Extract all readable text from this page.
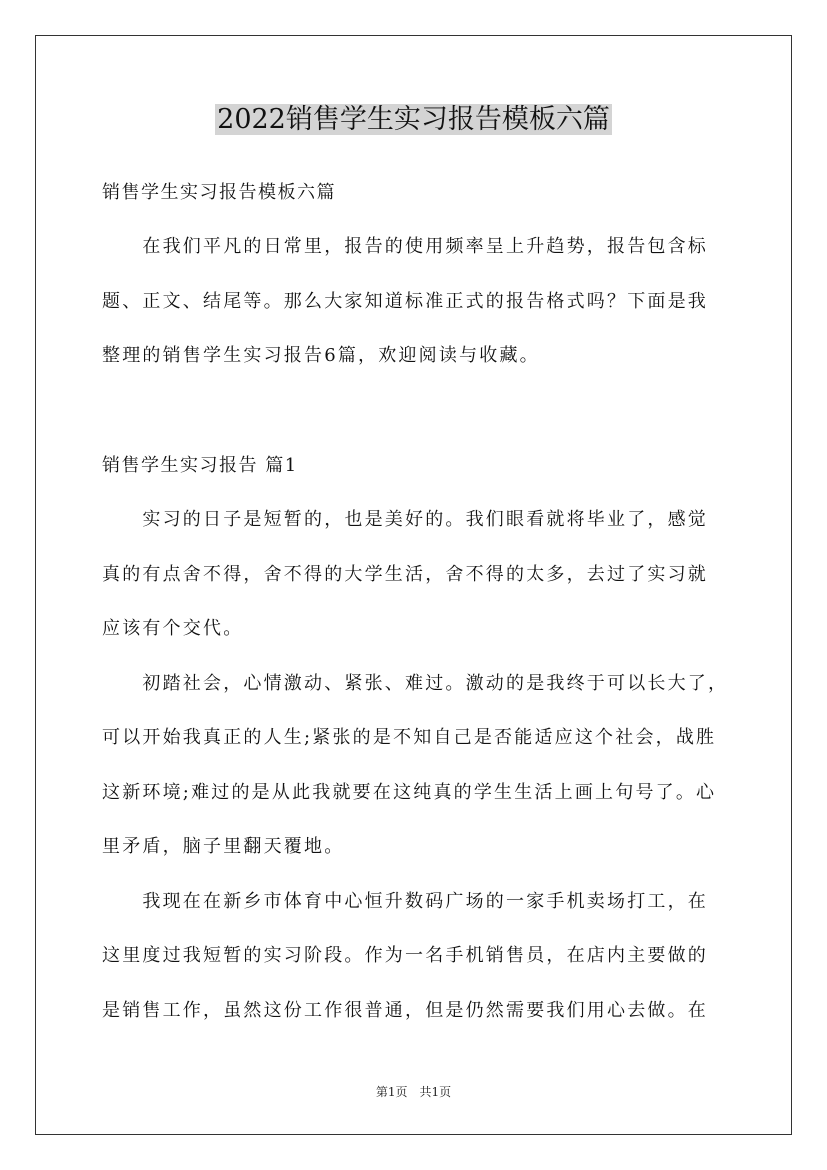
2022销售学生实习报告模板六篇
销售学生实习报告模板六篇
　　在我们平凡的日常里，报告的使用频率呈上升趋势，报告包含标
题、正文、结尾等。那么大家知道标准正式的报告格式吗？下面是我
整理的销售学生实习报告6篇，欢迎阅读与收藏。
销售学生实习报告 篇1
　　实习的日子是短暂的，也是美好的。我们眼看就将毕业了，感觉
真的有点舍不得，舍不得的大学生活，舍不得的太多，去过了实习就
应该有个交代。
　　初踏社会，心情激动、紧张、难过。激动的是我终于可以长大了，
可以开始我真正的人生;紧张的是不知自己是否能适应这个社会，战胜
这新环境;难过的是从此我就要在这纯真的学生生活上画上句号了。心
里矛盾，脑子里翻天覆地。
　　我现在在新乡市体育中心恒升数码广场的一家手机卖场打工，在
这里度过我短暂的实习阶段。作为一名手机销售员，在店内主要做的
是销售工作，虽然这份工作很普通，但是仍然需要我们用心去做。在
第1页　共1页
